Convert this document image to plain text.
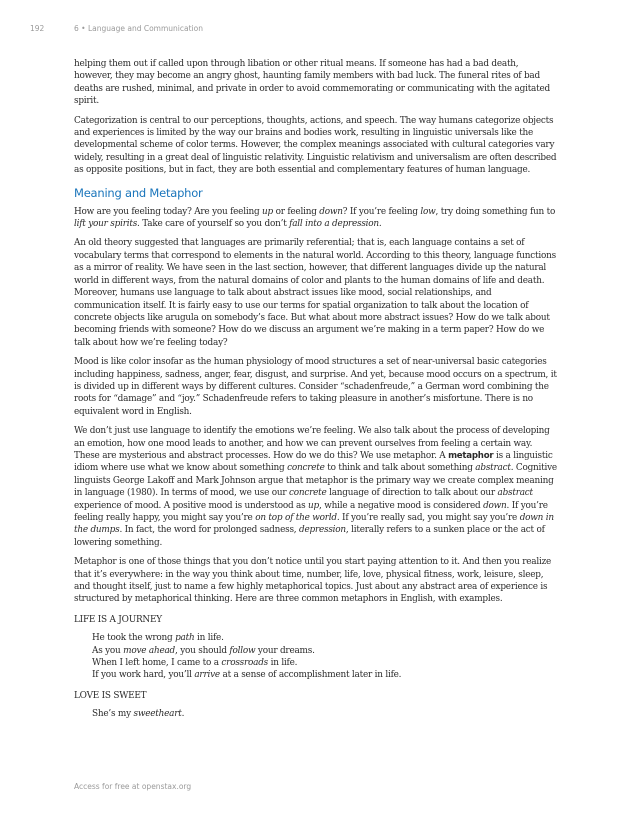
192	6 • Language and Communication

helping them out if called upon through libation or other ritual means. If someone has had a bad death, however, they may become an angry ghost, haunting family members with bad luck. The funeral rites of bad deaths are rushed, minimal, and private in order to avoid commemorating or communicating with the agitated spirit.

Categorization is central to our perceptions, thoughts, actions, and speech. The way humans categorize objects and experiences is limited by the way our brains and bodies work, resulting in linguistic universals like the developmental scheme of color terms. However, the complex meanings associated with cultural categories vary widely, resulting in a great deal of linguistic relativity. Linguistic relativism and universalism are often described as opposite positions, but in fact, they are both essential and complementary features of human language.

Meaning and Metaphor

How are you feeling today? Are you feeling up or feeling down? If you’re feeling low, try doing something fun to lift your spirits. Take care of yourself so you don’t fall into a depression.

An old theory suggested that languages are primarily referential; that is, each language contains a set of vocabulary terms that correspond to elements in the natural world. According to this theory, language functions as a mirror of reality. We have seen in the last section, however, that different languages divide up the natural world in different ways, from the natural domains of color and plants to the human domains of life and death. Moreover, humans use language to talk about abstract issues like mood, social relationships, and communication itself. It is fairly easy to use our terms for spatial organization to talk about the location of concrete objects like arugula on somebody’s face. But what about more abstract issues? How do we talk about becoming friends with someone? How do we discuss an argument we’re making in a term paper? How do we talk about how we’re feeling today?

Mood is like color insofar as the human physiology of mood structures a set of near-universal basic categories including happiness, sadness, anger, fear, disgust, and surprise. And yet, because mood occurs on a spectrum, it is divided up in different ways by different cultures. Consider “schadenfreude,” a German word combining the roots for “damage” and “joy.” Schadenfreude refers to taking pleasure in another’s misfortune. There is no equivalent word in English.

We don’t just use language to identify the emotions we’re feeling. We also talk about the process of developing an emotion, how one mood leads to another, and how we can prevent ourselves from feeling a certain way. These are mysterious and abstract processes. How do we do this? We use metaphor. A metaphor is a linguistic idiom where use what we know about something concrete to think and talk about something abstract. Cognitive linguists George Lakoff and Mark Johnson argue that metaphor is the primary way we create complex meaning in language (1980). In terms of mood, we use our concrete language of direction to talk about our abstract experience of mood. A positive mood is understood as up, while a negative mood is considered down. If you’re feeling really happy, you might say you’re on top of the world. If you’re really sad, you might say you’re down in the dumps. In fact, the word for prolonged sadness, depression, literally refers to a sunken place or the act of lowering something.

Metaphor is one of those things that you don’t notice until you start paying attention to it. And then you realize that it’s everywhere: in the way you think about time, number, life, love, physical fitness, work, leisure, sleep, and thought itself, just to name a few highly metaphorical topics. Just about any abstract area of experience is structured by metaphorical thinking. Here are three common metaphors in English, with examples.

LIFE IS A JOURNEY
He took the wrong path in life.
As you move ahead, you should follow your dreams.
When I left home, I came to a crossroads in life.
If you work hard, you’ll arrive at a sense of accomplishment later in life.
LOVE IS SWEET
She’s my sweetheart.
Access for free at openstax.org
